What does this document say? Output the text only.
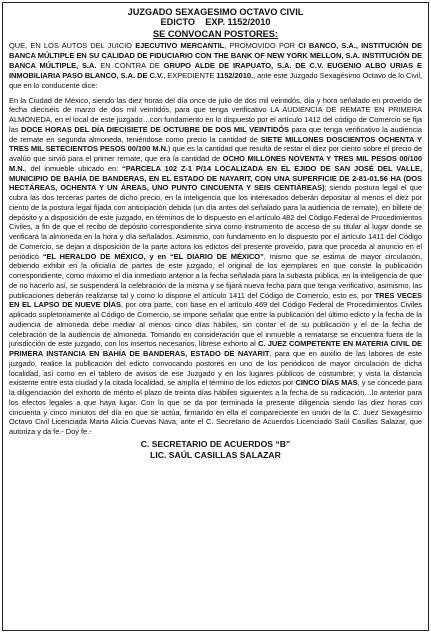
JUZGADO SEXAGESIMO OCTAVO CIVIL
EDICTO    EXP. 1152/2010
SE CONVOCAN POSTORES:

QUE, EN LOS AUTOS DEL JUICIO EJECUTIVO MERCANTIL, PROMOVIDO POR CI BANCO, S.A., INSTITUCIÓN DE BANCA MÚLTIPLE EN SU CALIDAD DE FIDUCIARIO CON THE BANK OF NEW YORK MELLON, S.A. INSTITUCIÓN DE BANCA MÚLTIPLE, S.A. EN CONTRA DE GRUPO ALDE DE IRAPUATO, S.A. DE C.V. EUGENIO ALBO URIAS E INMOBILIARIA PASO BLANCO, S.A. DE C.V., EXPEDIENTE 1152/2010., ante este Juzgado Sexagésimo Octavo de lo Civil, que en lo conducente dice:

En la Ciudad de México, siendo las diez horas del día once de julio de dos mil veintidós, día y hora señalado en proveído de fecha dieciséis de marzo de dos mil veintidós, para que tenga verificativo LA AUDIENCIA DE REMATE EN PRIMERA ALMONEDA, en el local de este juzgado…con fundamento en lo dispuesto por el artículo 1412 del código de Comercio se fija las DOCE HORAS DEL DÍA DIECISIETE DE OCTUBRE DE DOS MIL VEINTIDÓS para que tenga verificativo la audiencia de remate en segunda almoneda, teniéndose como precio la cantidad de SIETE MILLONES DOSCIENTOS OCHENTA Y TRES MIL SETECIENTOS PESOS 00/100 M.N.) que es la cantidad que resulta de restar el diez por ciento sobre el precio de avalúo que sirvió para el primer remate, que era la cantidad de OCHO MILLONES NOVENTA Y TRES MIL PESOS 00/100 M.N., del inmueble ubicado en: “PARCELA 102 Z-1 P/14 LOCALIZADA EN EL EJIDO DE SAN JOSÉ DEL VALLE, MUNICIPIO DE BAHÍA DE BANDERAS, EN EL ESTADO DE NAYARIT, CON UNA SUPERFICIE DE 2-81-01.56 HA (DOS HECTÁREAS, OCHENTA Y UN ÁREAS, UNO PUNTO CINCUENTA Y SEIS CENTIÁREAS); siendo postura legal el que cubra las dos terceras partes de dicho precio, en la inteligencia que los interesados deberán depositar al menos el diez por ciento de la postura legal fijada con anticipación debida (un día antes del señalado para la audiencia de remate), en billete de depósito y a disposición de este juzgado, en términos de lo dispuesto en el artículo 482 del Código Federal de Procedimientos Civiles, a fin de que el recibo de depósito correspondiente sirva como instrumento de acceso de su titular al lugar donde se verificará la almoneda en la hora y día señalados. Asimismo, con fundamento en lo dispuesto por el artículo 1411 del Código de Comercio, se dejan a disposición de la parte actora los edictos del presente proveído, para que proceda al anuncio en el periódico “EL HERALDO DE MÉXICO, y en “EL DIARIO DE MÉXICO”, mismo que se estima de mayor circulación, debiendo exhibir en la oficialía de partes de este juzgado, el original de los ejemplares en que conste la publicación correspondiente, como máximo el día inmediato anterior a la fecha señalada para la subasta pública, en la inteligencia de que de no hacerlo así, se suspenderá la celebración de la misma y se fijará nueva fecha para que tenga verificativo, asimismo, las publicaciones deberán realizarse tal y como lo dispone el artículo 1411 del Código de Comercio, esto es, por TRES VECES EN EL LAPSO DE NUEVE DÍAS, por otra parte, con base en el artículo 469 del Código Federal de Procedimientos Civiles aplicado supletoriamente al Código de Comercio, se impone señalar que entre la publicación del último edicto y la fecha de la audiencia de almoneda debe mediar al menos cinco días hábiles, sin contar el de su publicación y el de la fecha de celebración de la audiencia de almoneda. Tomando en consideración que el inmueble a rematarse se encuentra fuera de la jurisdicción de este juzgado, con los insertos necesarios, líbrese exhorto al C. JUEZ COMPETENTE EN MATERIA CIVIL DE PRIMERA INSTANCIA EN BAHÍA DE BANDERAS, ESTADO DE NAYARIT, para que en auxilio de las labores de este juzgado, realice la publicación del edicto convocando postores en uno de los periódicos de mayor circulación de dicha localidad, así como en el tablero de avisos de ese Juzgado y en los lugares públicos de costumbre; y vista la distancia existente entre esta ciudad y la citada localidad, se amplía el término de los edictos por CINCO DÍAS MAS, y se concede para la diligenciación del exhorto de mérito el plazo de treinta días hábiles siguientes a la fecha de su radicación…lo anterior para los efectos legales a que haya lugar. Con lo que se da por terminada la presente diligencia siendo las diez horas con cincuenta y cinco minutos del día en que se actúa, firmando en ella el compareciente en unión de la C. Juez Sexagésimo Octavo Civil Licenciada Marta Alicia Cuevas Nava, ante el C. Secretario de Acuerdos Licenciado Saúl Casillas Salazar, que autoriza y da fe.- Doy fe.-

C. SECRETARIO DE ACUERDOS “B”
LIC. SAÚL CASILLAS SALAZAR
